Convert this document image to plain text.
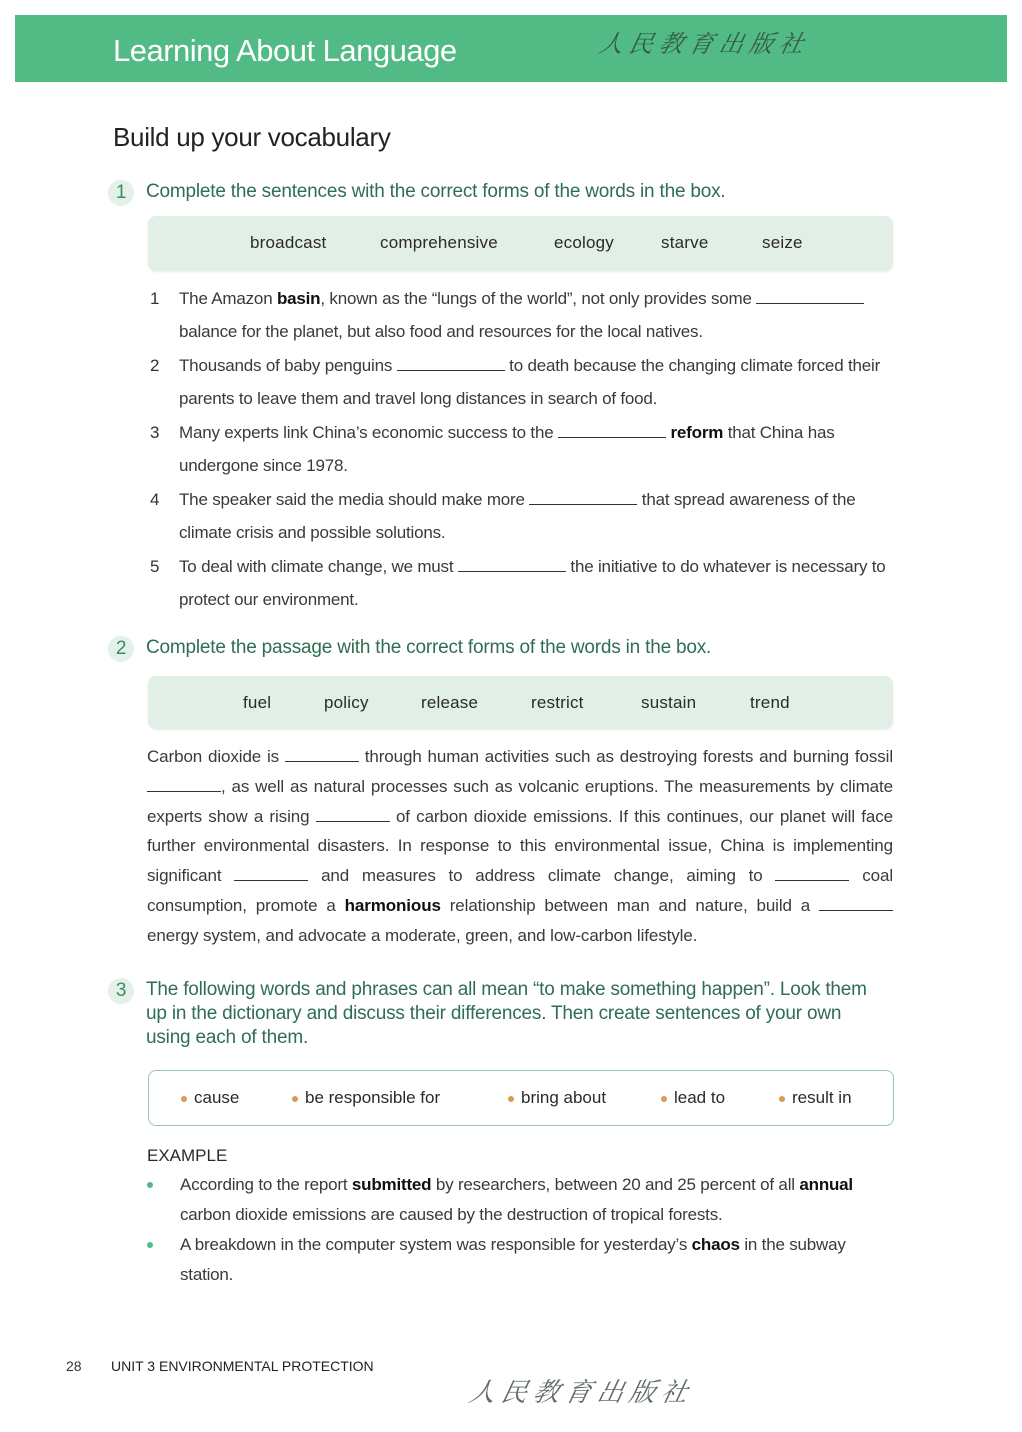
Learning About Language	人民教育出版社
Build up your vocabulary
1 Complete the sentences with the correct forms of the words in the box.
broadcast	comprehensive	ecology	starve	seize
1 The Amazon basin, known as the “lungs of the world”, not only provides some  balance for the planet, but also food and resources for the local natives.
2 Thousands of baby penguins	to death because the changing climate forced their parents to leave them and travel long distances in search of food.
3 Many experts link China’s economic success to the	reform that China has undergone since 1978.
4 The speaker said the media should make more	that spread awareness of the climate crisis and possible solutions.
5 To deal with climate change, we must	the initiative to do whatever is necessary to protect our environment.
2 Complete the passage with the correct forms of the words in the box.
fuel	policy	release	restrict	sustain	trend
Carbon dioxide is	through human activities such as destroying forests and burning fossil , as well as natural processes such as volcanic eruptions. The measurements by climate experts show a rising	of carbon dioxide emissions. If this continues, our planet will face further environmental disasters. In response to this environmental issue, China is implementing significant	and measures to address climate change, aiming to	coal consumption, promote a harmonious relationship between man and nature, build a  energy system, and advocate a moderate, green, and low-carbon lifestyle.
3 The following words and phrases can all mean “to make something happen”. Look them up in the dictionary and discuss their differences. Then create sentences of your own using each of them.
cause	be responsible for	bring about	lead to	result in
EXAMPLE
According to the report submitted by researchers, between 20 and 25 percent of all annual carbon dioxide emissions are caused by the destruction of tropical forests.
A breakdown in the computer system was responsible for yesterday’s chaos in the subway station.
28 UNIT 3 ENVIRONMENTAL PROTECTION
人民教育出版社
